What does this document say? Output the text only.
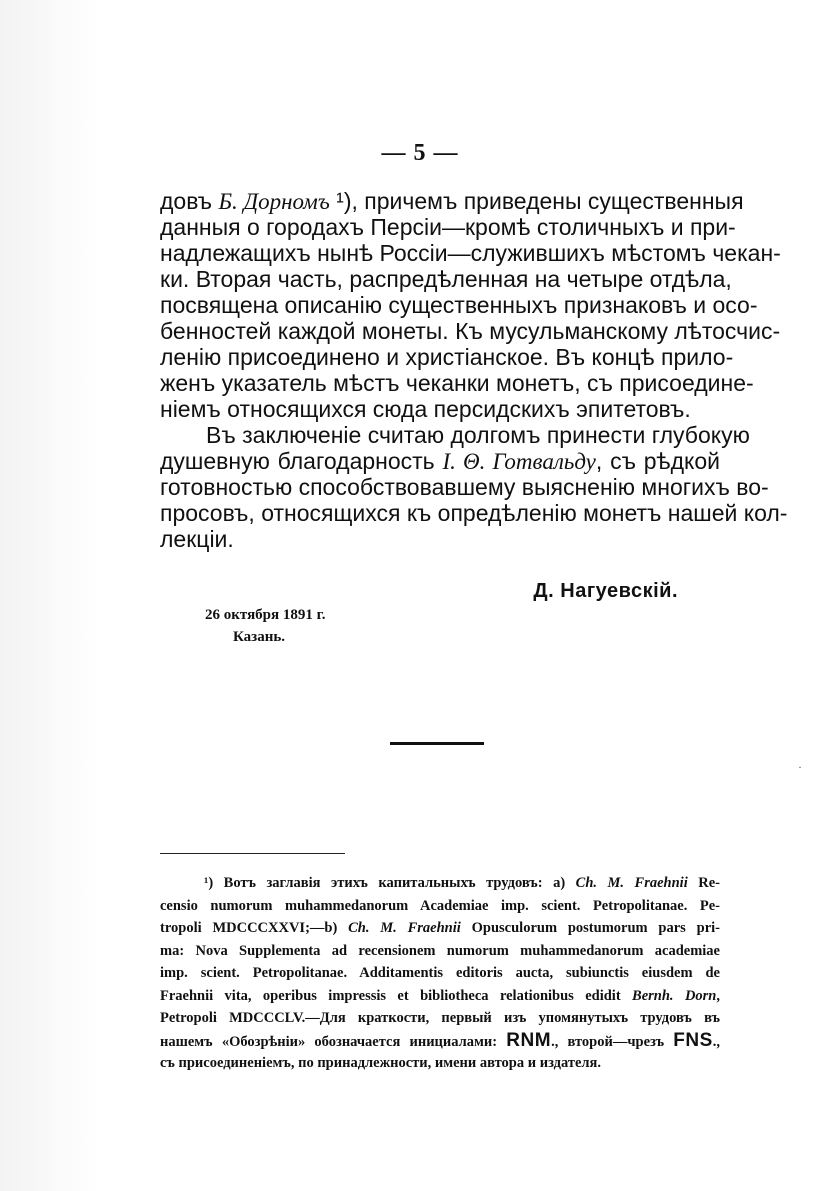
— 5 —
довъ Б. Дорномъ ¹), причемъ приведены существенныя
данныя о городахъ Персіи—кромѣ столичныхъ и при-
надлежащихъ нынѣ Россіи—служившихъ мѣстомъ чекан-
ки. Вторая часть, распредѣленная на четыре отдѣла,
посвящена описанію существенныхъ признаковъ и осо-
бенностей каждой монеты. Къ мусульманскому лѣтосчис-
ленію присоединено и христіанское. Въ концѣ прило-
женъ указатель мѣстъ чеканки монетъ, съ присоедине-
ніемъ относящихся сюда персидскихъ эпитетовъ.
Въ заключеніе считаю долгомъ принести глубокую
душевную благодарность І. Θ. Готвальду, съ рѣдкой
готовностью способствовавшему выясненію многихъ во-
просовъ, относящихся къ опредѣленію монетъ нашей кол-
лекціи.
Д. Нагуевскій.
26 октября 1891 г.
Казань.
¹) Вотъ заглавія этихъ капитальныхъ трудовъ: а) Ch. M. Fraehnii Re-
censio numorum muhammedanorum Academiae imp. scient. Petropolitanae. Pe-
tropoli MDCCCXXVI;—b) Ch. M. Fraehnii Opusculorum postumorum pars pri-
ma: Nova Supplementa ad recensionem numorum muhammedanorum academiae
imp. scient. Petropolitanae. Additamentis editoris aucta, subiunctis eiusdem de
Fraehnii vita, operibus impressis et bibliotheca relationibus edidit Bernh. Dorn,
Petropoli MDCCCLV.—Для краткости, первый изъ упомянутыхъ трудовъ въ
нашемъ «Обозрѣніи» обозначается инициалами: RNM., второй—чрезъ FNS.,
съ присоединеніемъ, по принадлежности, имени автора и издателя.
·
